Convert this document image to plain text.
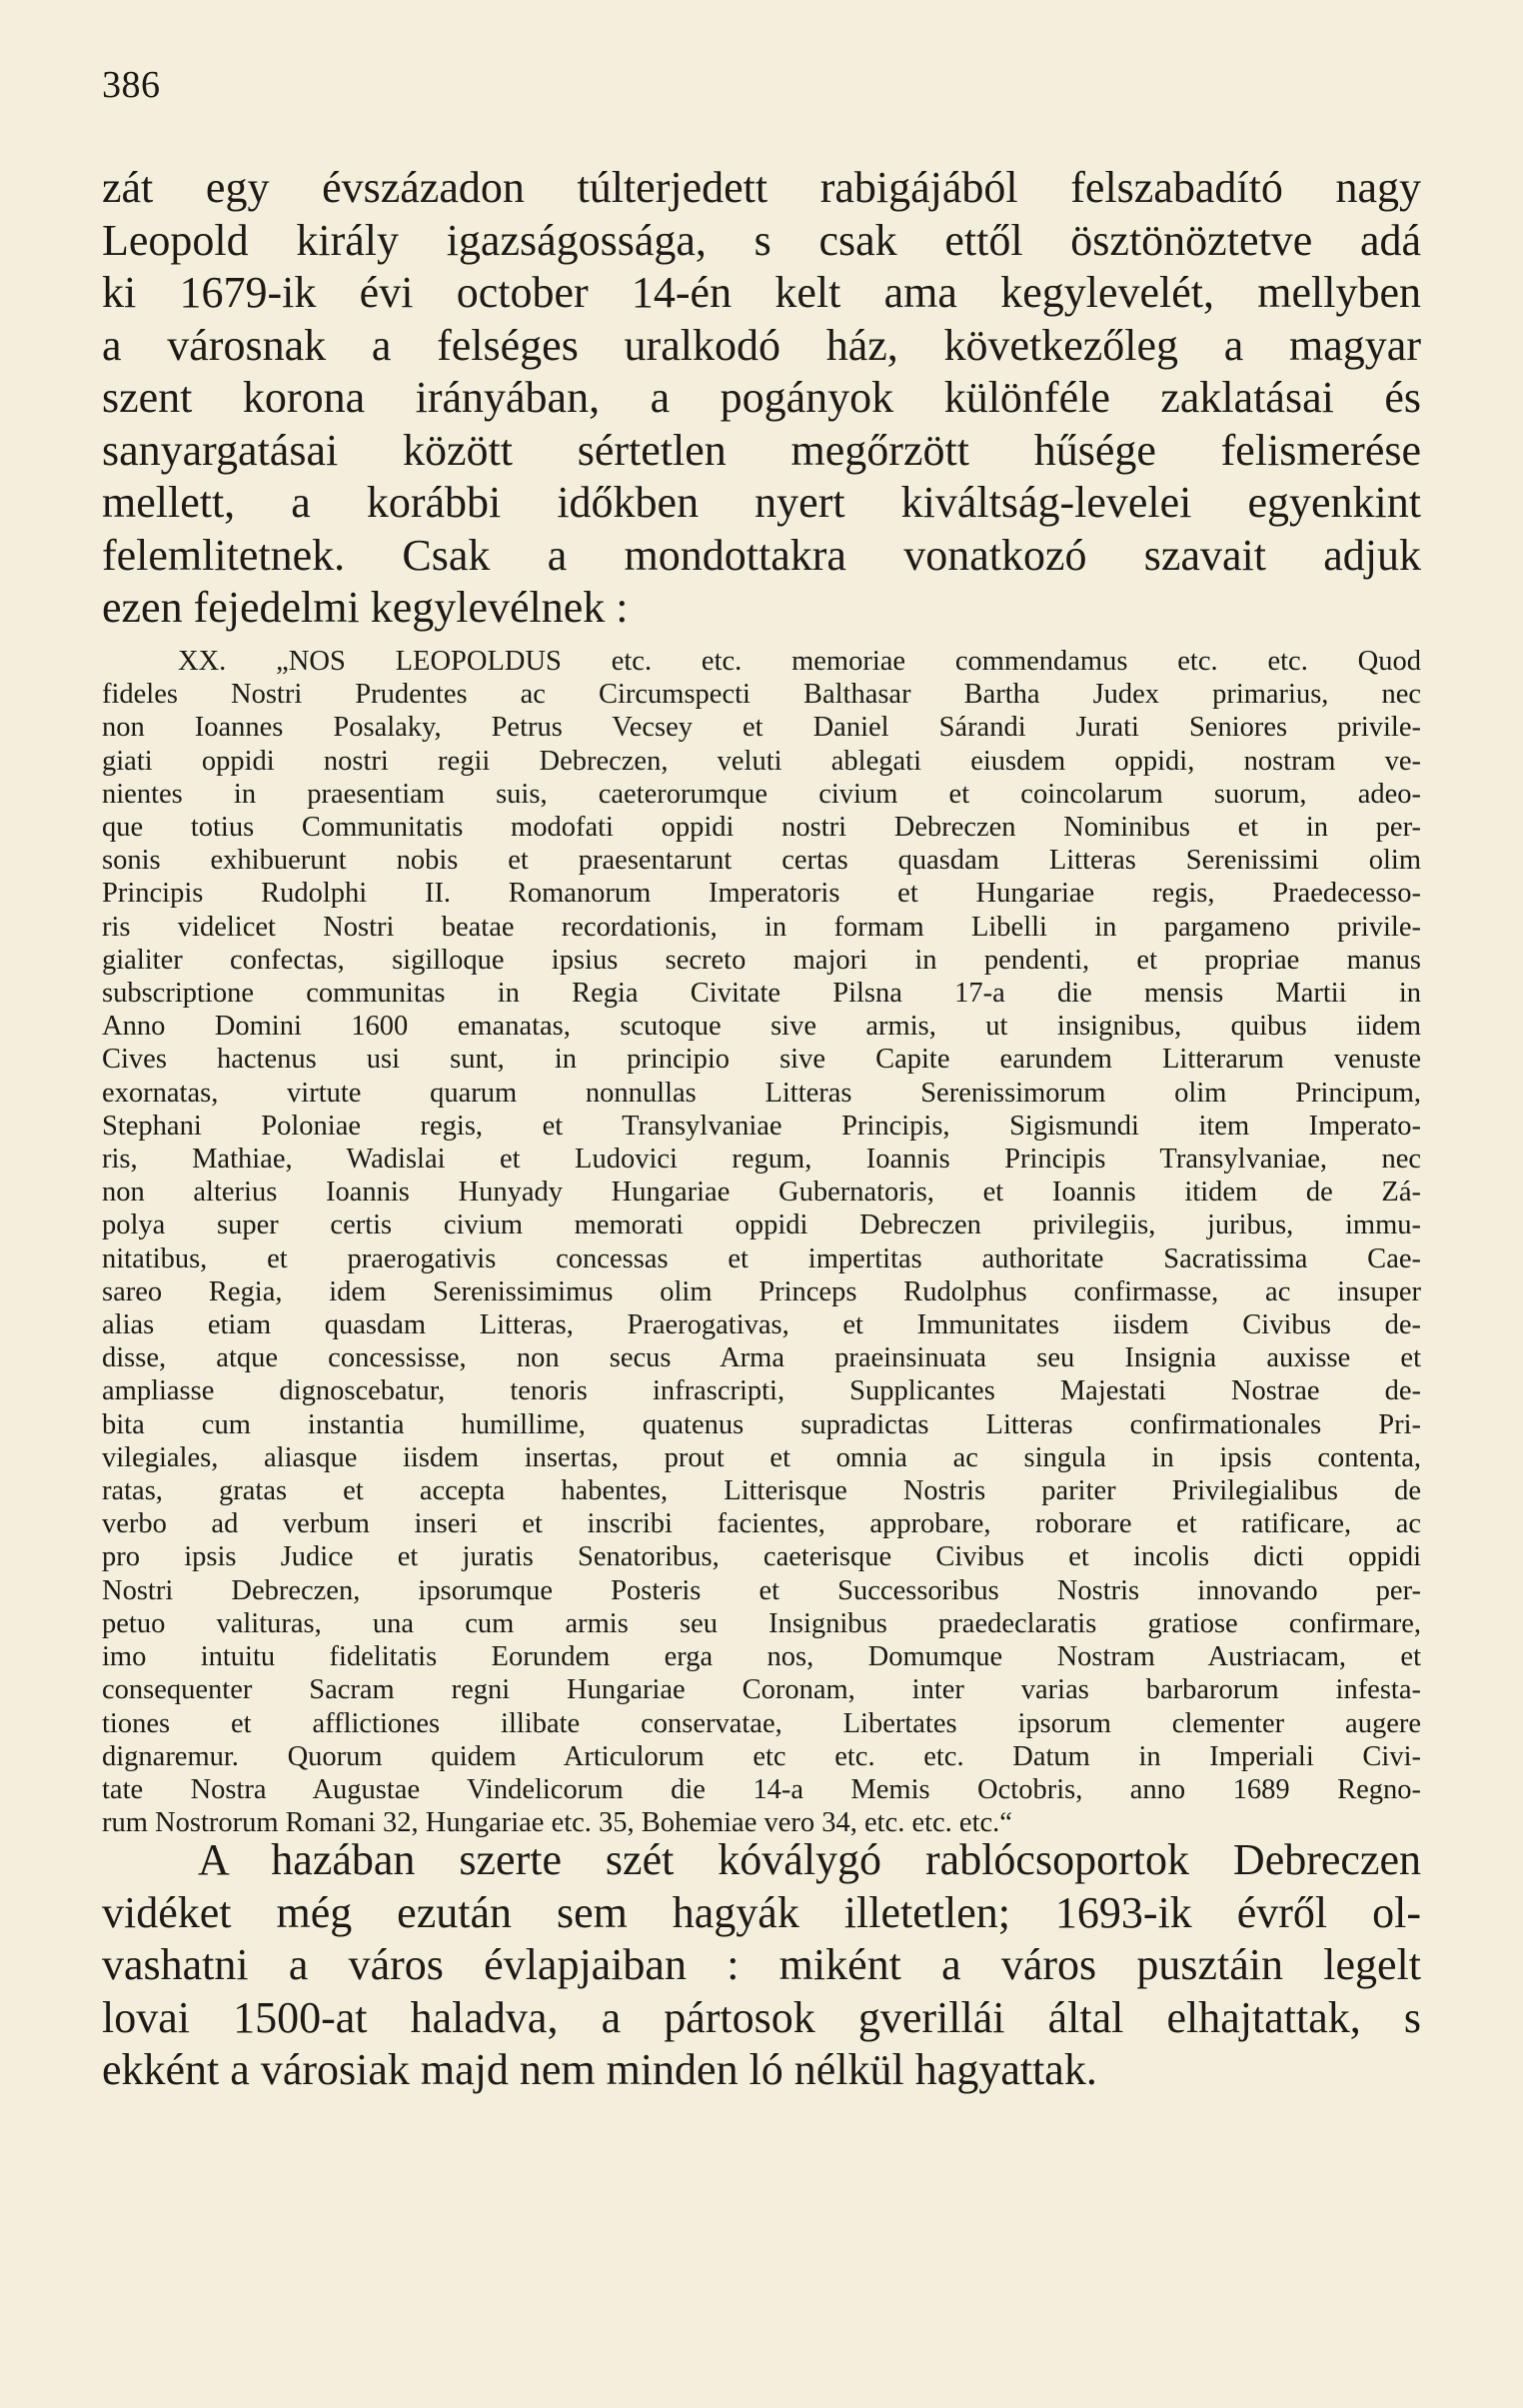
386
zát egy évszázadon túlterjedett rabigájából felszabadító nagy
Leopold király igazságossága, s csak ettől ösztönöztetve adá
ki 1679-ik évi october 14-én kelt ama kegylevelét, mellyben
a városnak a felséges uralkodó ház, következőleg a magyar
szent korona irányában, a pogányok különféle zaklatásai és
sanyargatásai között sértetlen megőrzött hűsége felismerése
mellett, a korábbi időkben nyert kiváltság-levelei egyenkint
felemlitetnek. Csak a mondottakra vonatkozó szavait adjuk
ezen fejedelmi kegylevélnek :
XX. „NOS LEOPOLDUS etc. etc. memoriae commendamus etc. etc. Quod
fideles Nostri Prudentes ac Circumspecti Balthasar Bartha Judex primarius, nec
non Ioannes Posalaky, Petrus Vecsey et Daniel Sárandi Jurati Seniores privile-
giati oppidi nostri regii Debreczen, veluti ablegati eiusdem oppidi, nostram ve-
nientes in praesentiam suis, caeterorumque civium et coincolarum suorum, adeo-
que totius Communitatis modofati oppidi nostri Debreczen Nominibus et in per-
sonis exhibuerunt nobis et praesentarunt certas quasdam Litteras Serenissimi olim
Principis Rudolphi II. Romanorum Imperatoris et Hungariae regis, Praedecesso-
ris videlicet Nostri beatae recordationis, in formam Libelli in pargameno privile-
gialiter confectas, sigilloque ipsius secreto majori in pendenti, et propriae manus
subscriptione communitas in Regia Civitate Pilsna 17-a die mensis Martii in
Anno Domini 1600 emanatas, scutoque sive armis, ut insignibus, quibus iidem
Cives hactenus usi sunt, in principio sive Capite earundem Litterarum venuste
exornatas, virtute quarum nonnullas Litteras Serenissimorum olim Principum,
Stephani Poloniae regis, et Transylvaniae Principis, Sigismundi item Imperato-
ris, Mathiae, Wadislai et Ludovici regum, Ioannis Principis Transylvaniae, nec
non alterius Ioannis Hunyady Hungariae Gubernatoris, et Ioannis itidem de Zá-
polya super certis civium memorati oppidi Debreczen privilegiis, juribus, immu-
nitatibus, et praerogativis concessas et impertitas authoritate Sacratissima Cae-
sareo Regia, idem Serenissimimus olim Princeps Rudolphus confirmasse, ac insuper
alias etiam quasdam Litteras, Praerogativas, et Immunitates iisdem Civibus de-
disse, atque concessisse, non secus Arma praeinsinuata seu Insignia auxisse et
ampliasse dignoscebatur, tenoris infrascripti, Supplicantes Majestati Nostrae de-
bita cum instantia humillime, quatenus supradictas Litteras confirmationales Pri-
vilegiales, aliasque iisdem insertas, prout et omnia ac singula in ipsis contenta,
ratas, gratas et accepta habentes, Litterisque Nostris pariter Privilegialibus de
verbo ad verbum inseri et inscribi facientes, approbare, roborare et ratificare, ac
pro ipsis Judice et juratis Senatoribus, caeterisque Civibus et incolis dicti oppidi
Nostri Debreczen, ipsorumque Posteris et Successoribus Nostris innovando per-
petuo valituras, una cum armis seu Insignibus praedeclaratis gratiose confirmare,
imo intuitu fidelitatis Eorundem erga nos, Domumque Nostram Austriacam, et
consequenter Sacram regni Hungariae Coronam, inter varias barbarorum infesta-
tiones et afflictiones illibate conservatae, Libertates ipsorum clementer augere
dignaremur. Quorum quidem Articulorum etc etc. etc. Datum in Imperiali Civi-
tate Nostra Augustae Vindelicorum die 14-a Memis Octobris, anno 1689 Regno-
rum Nostrorum Romani 32, Hungariae etc. 35, Bohemiae vero 34, etc. etc. etc.“
A hazában szerte szét kóválygó rablócsoportok Debreczen
vidéket még ezután sem hagyák illetetlen; 1693-ik évről ol-
vashatni a város évlapjaiban : miként a város pusztáin legelt
lovai 1500-at haladva, a pártosok gverillái által elhajtattak, s
ekként a városiak majd nem minden ló nélkül hagyattak.
